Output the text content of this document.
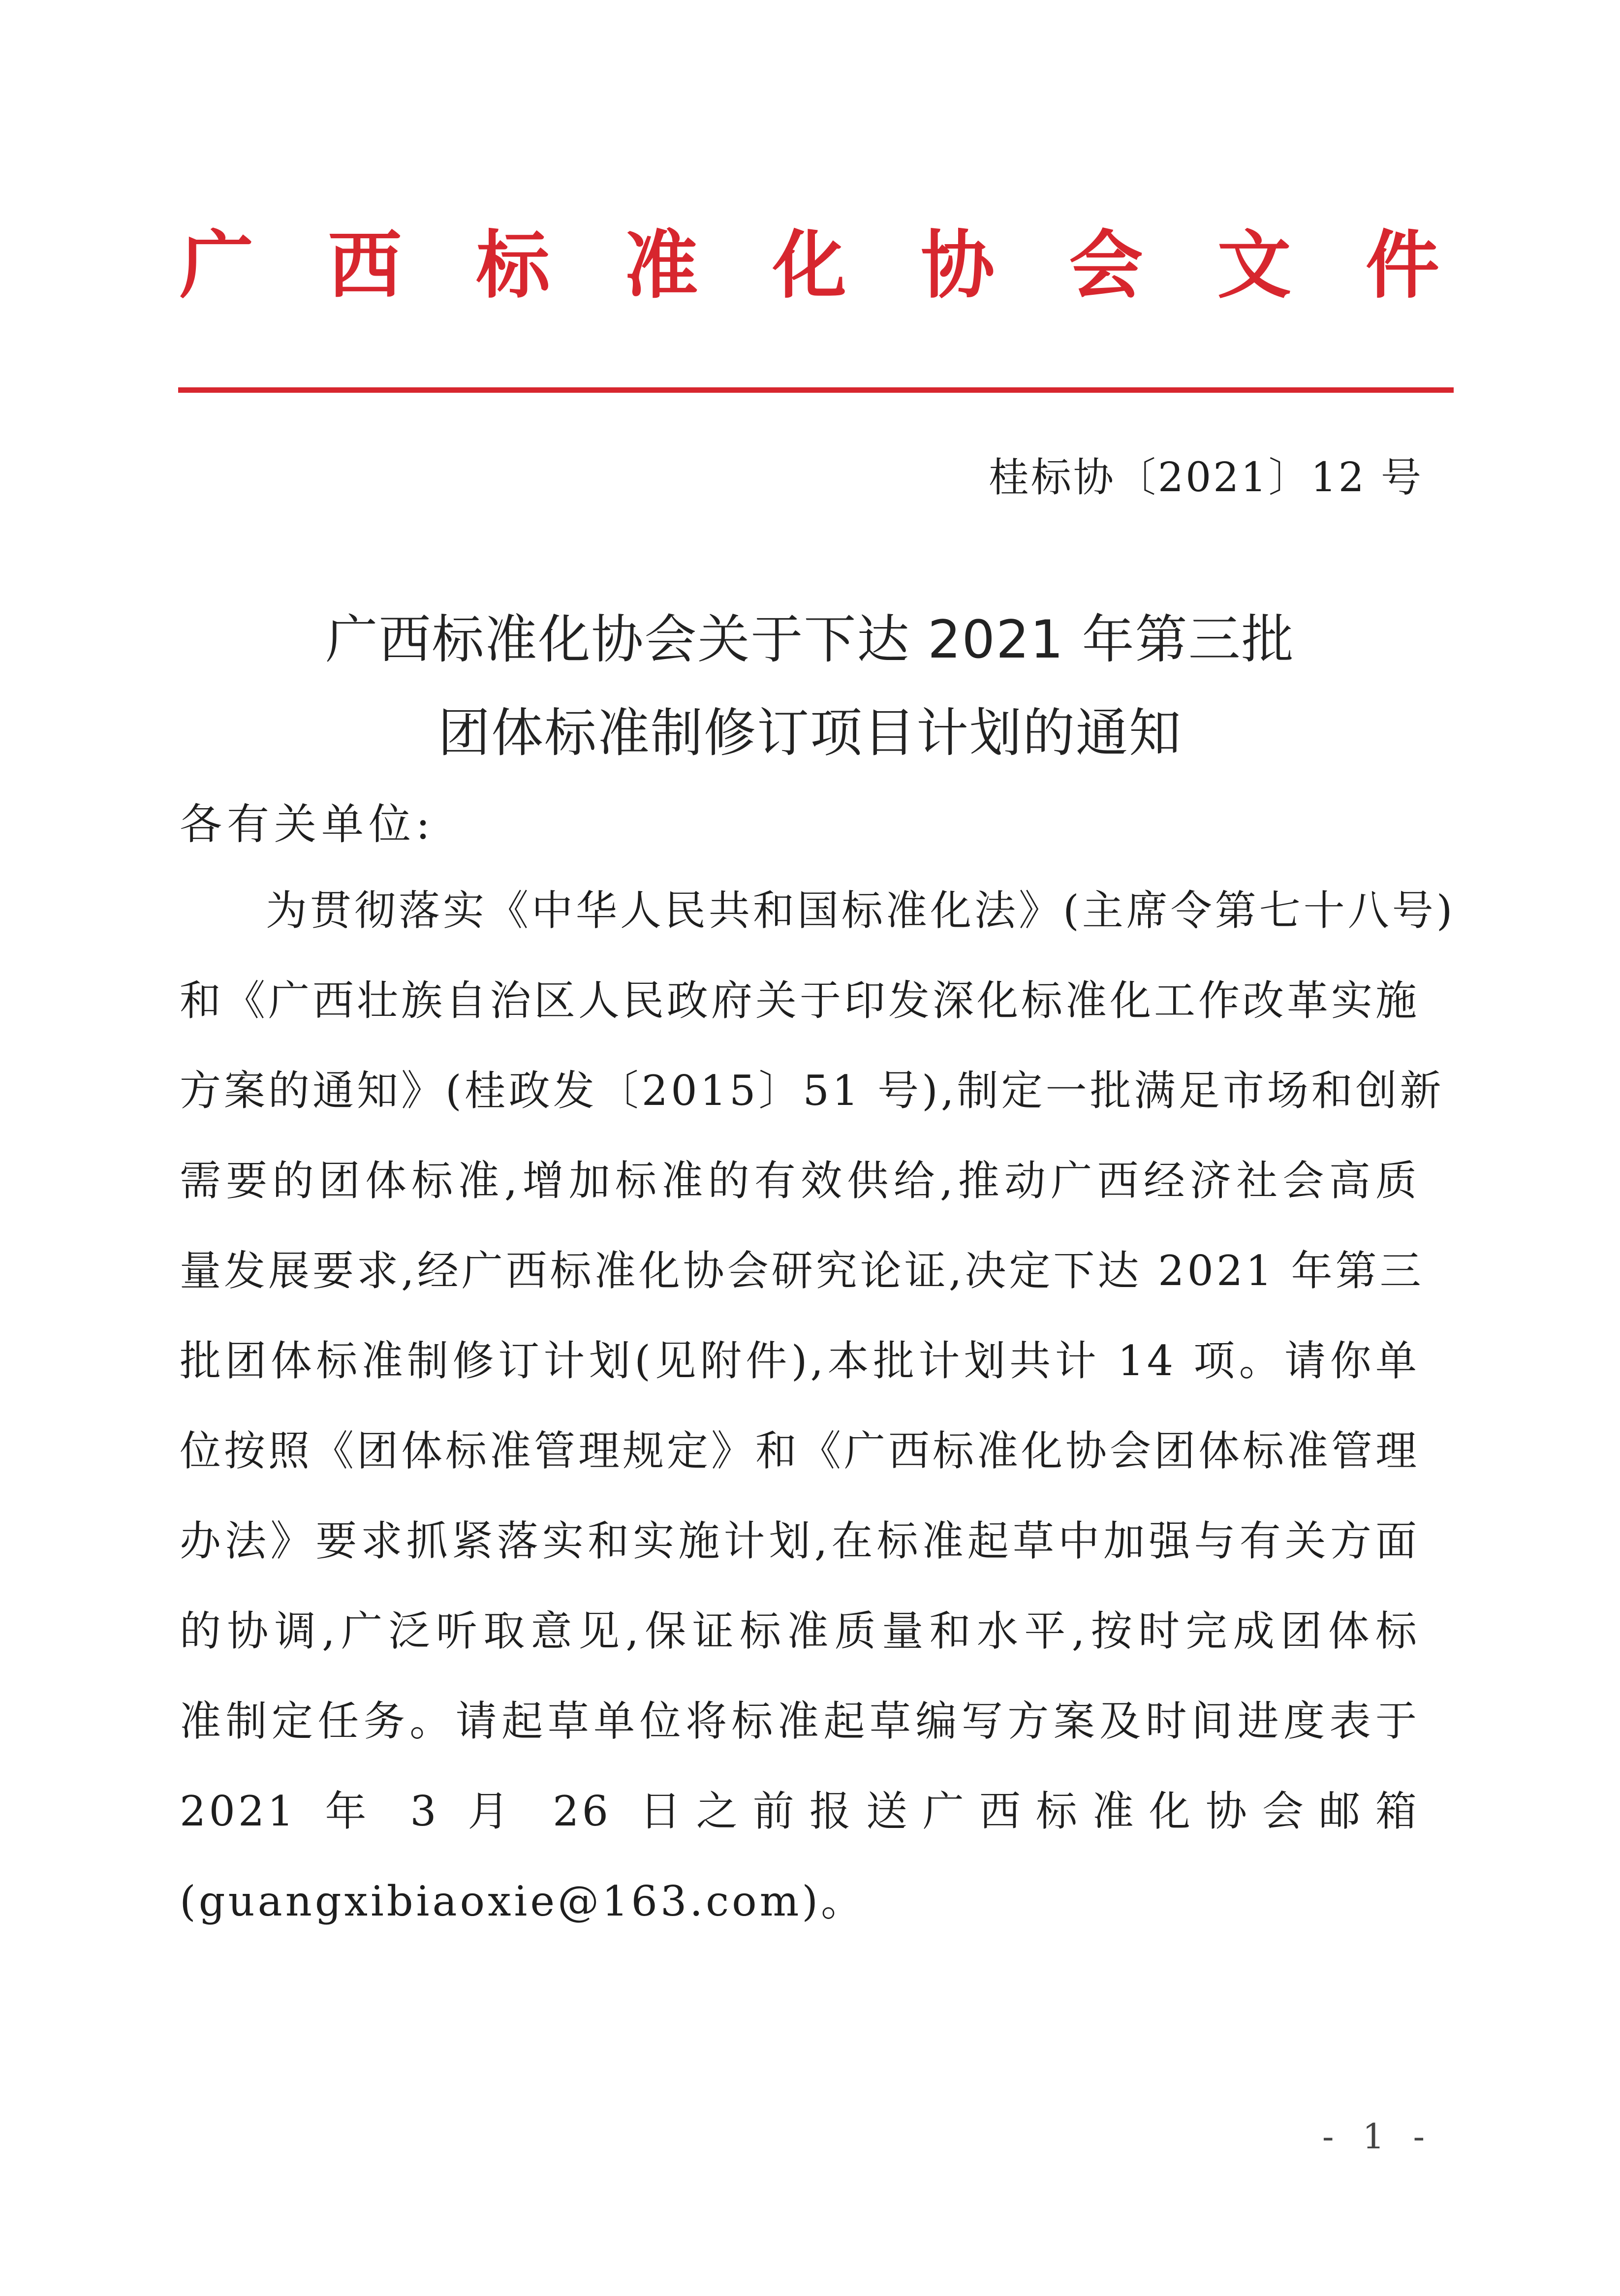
广 西 标 准 化 协 会 文 件
桂标协〔2021〕12 号
广西标准化协会关于下达 2021 年第三批
团体标准制修订项目计划的通知
各有关单位:
为贯彻落实《中华人民共和国标准化法》(主席令第七十八号)
和《广西壮族自治区人民政府关于印发深化标准化工作改革实施
方案的通知》(桂政发〔2015〕51 号),制定一批满足市场和创新
需要的团体标准,增加标准的有效供给,推动广西经济社会高质
量发展要求,经广西标准化协会研究论证,决定下达 2021 年第三
批团体标准制修订计划(见附件),本批计划共计 14 项。请你单
位按照《团体标准管理规定》和《广西标准化协会团体标准管理
办法》要求抓紧落实和实施计划,在标准起草中加强与有关方面
的协调,广泛听取意见,保证标准质量和水平,按时完成团体标
准制定任务。请起草单位将标准起草编写方案及时间进度表于
2021 年 3 月 26 日之前报送广西标准化协会邮箱
(guangxibiaoxie@163.com)。
- 1 -
